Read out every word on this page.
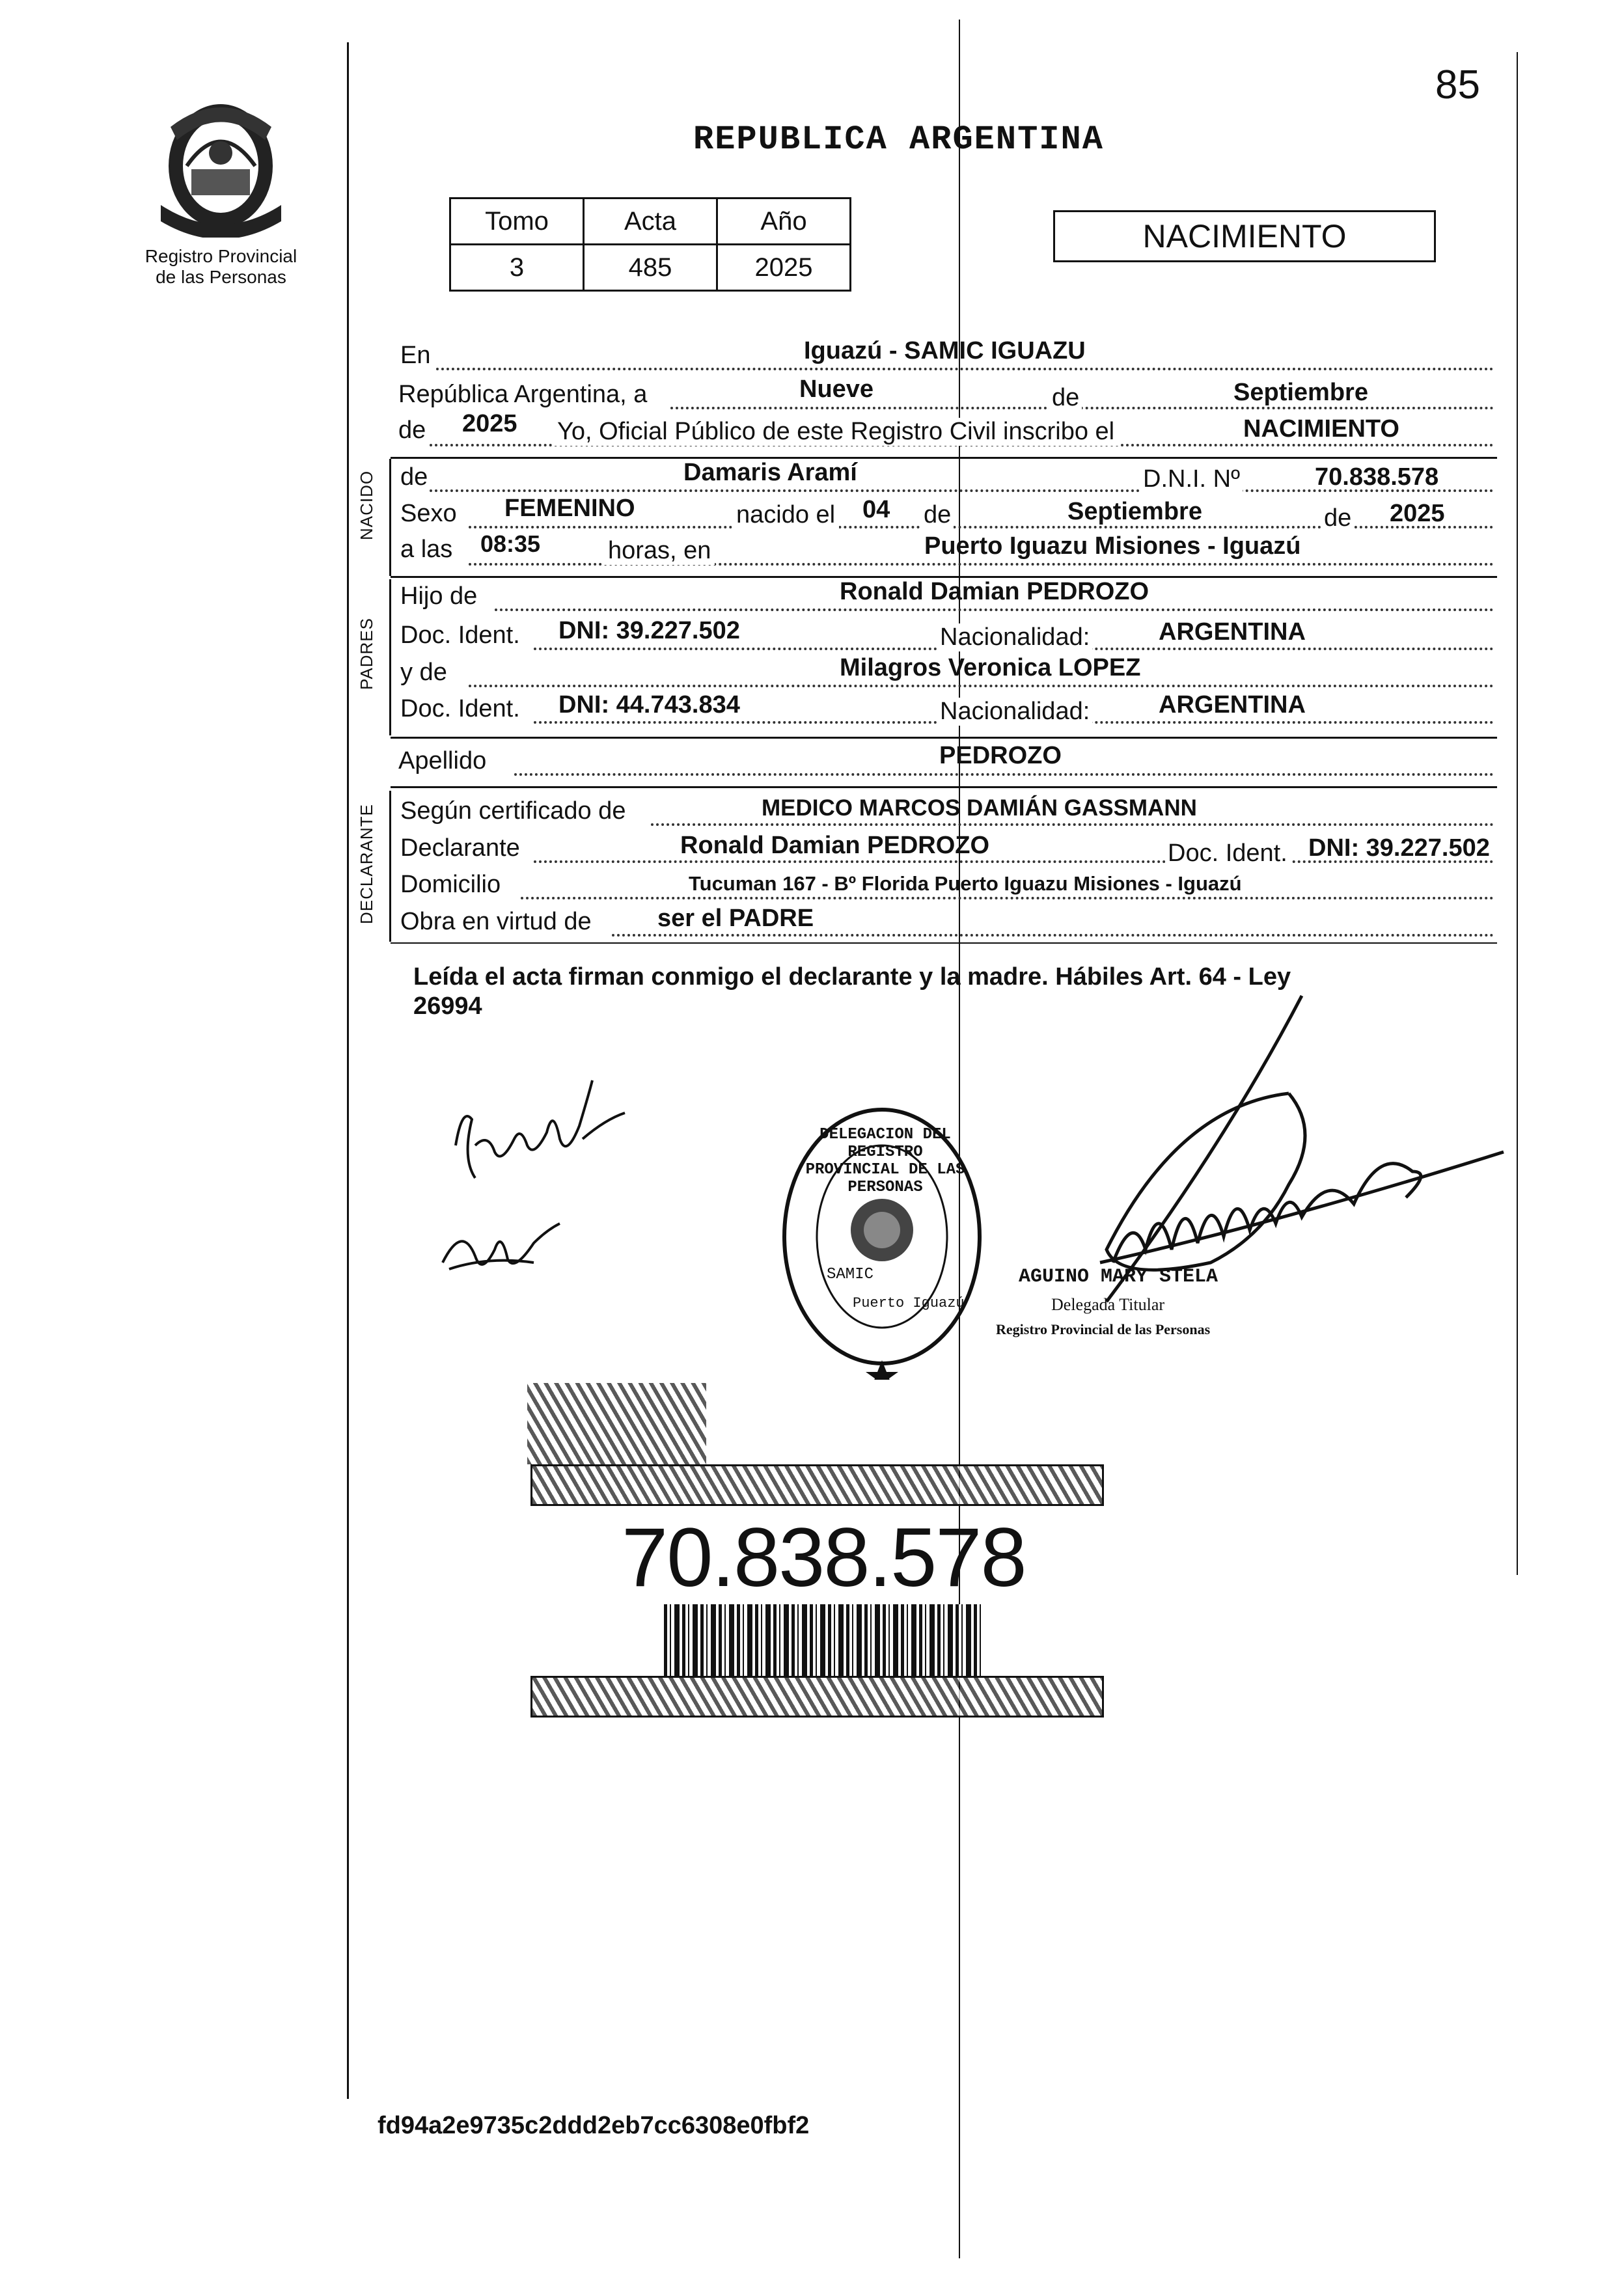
85
Registro Provincial
de las Personas
REPUBLICA ARGENTINA
Tomo	Acta	Año
3	485	2025
NACIMIENTO
En	Iguazú - SAMIC IGUAZU
República Argentina, a	Nueve	de	Septiembre
de 2025 Yo, Oficial Público de este Registro Civil inscribo el	NACIMIENTO
NACIDO de	Damaris Aramí	D.N.I. Nº	70.838.578
Sexo FEMENINO	nacido el 04 de	Septiembre	de 2025
a las 08:35	horas, en	Puerto Iguazu Misiones - Iguazú
PADRES
Hijo de	Ronald Damian PEDROZO
Doc. Ident. DNI: 39.227.502	Nacionalidad:	ARGENTINA
y de	Milagros Veronica LOPEZ
Doc. Ident. DNI: 44.743.834	Nacionalidad:	ARGENTINA
Apellido	PEDROZO
DECLARANTE Según certificado de	MEDICO MARCOS DAMIÁN GASSMANN
Declarante	Ronald Damian PEDROZO	Doc. Ident. DNI: 39.227.502
Domicilio	Tucuman 167 - Bº Florida Puerto Iguazu Misiones - Iguazú
Obra en virtud de	ser el PADRE
Leída el acta firman conmigo el declarante y la madre. Hábiles Art. 64 - Ley
26994
DELEGACION DEL REGISTRO PROVINCIAL DE LAS PERSONAS
SAMIC
Puerto Iguazú
AGUINO MARY STELA
Delegada Titular
Registro Provincial de las Personas
70.838.578
fd94a2e9735c2ddd2eb7cc6308e0fbf2
